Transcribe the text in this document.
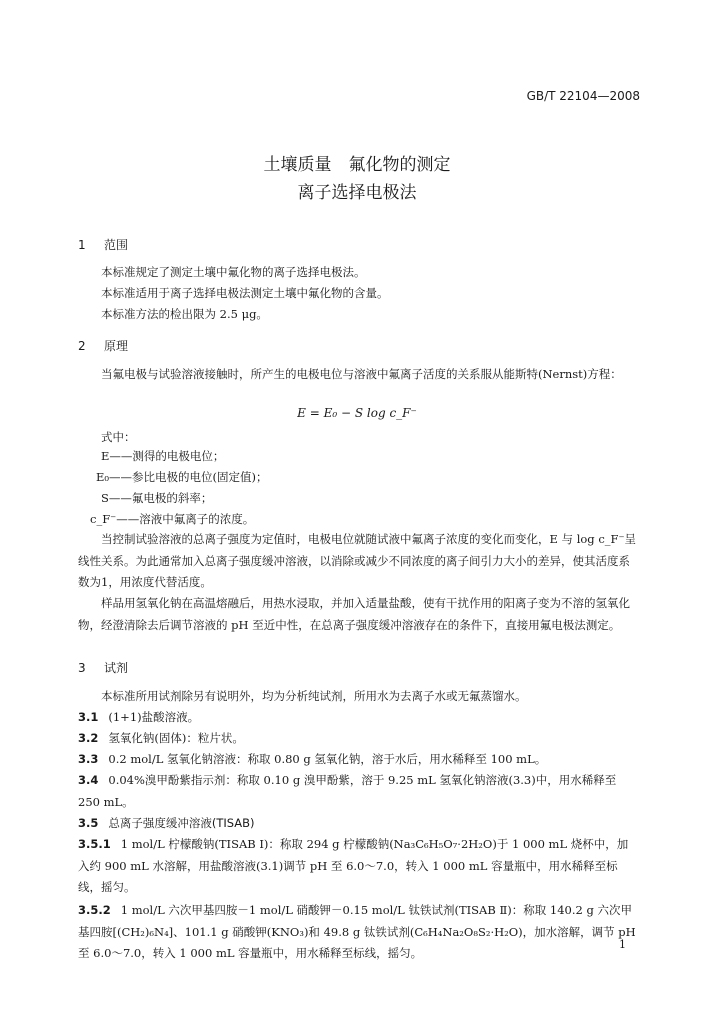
GB/T 22104—2008
土壤质量　氟化物的测定
离子选择电极法
1 范围
本标准规定了测定土壤中氟化物的离子选择电极法。
本标准适用于离子选择电极法测定土壤中氟化物的含量。
本标准方法的检出限为 2.5 μg。
2 原理
当氟电极与试验溶液接触时，所产生的电极电位与溶液中氟离子活度的关系服从能斯特(Nernst)方程：
E = E₀ − S log c_F⁻
式中：
E——测得的电极电位；
E₀——参比电极的电位(固定值)；
S——氟电极的斜率；
c_F⁻——溶液中氟离子的浓度。
当控制试验溶液的总离子强度为定值时，电极电位就随试液中氟离子浓度的变化而变化，E 与 log c_F⁻呈线性关系。为此通常加入总离子强度缓冲溶液，以消除或减少不同浓度的离子间引力大小的差异，使其活度系数为1，用浓度代替活度。
样品用氢氧化钠在高温熔融后，用热水浸取，并加入适量盐酸，使有干扰作用的阳离子变为不溶的氢氧化物，经澄清除去后调节溶液的 pH 至近中性，在总离子强度缓冲溶液存在的条件下，直接用氟电极法测定。
3 试剂
本标准所用试剂除另有说明外，均为分析纯试剂，所用水为去离子水或无氟蒸馏水。
3.1 (1+1)盐酸溶液。
3.2 氢氧化钠(固体)：粒片状。
3.3 0.2 mol/L 氢氧化钠溶液：称取 0.80 g 氢氧化钠，溶于水后，用水稀释至 100 mL。
3.4 0.04%溴甲酚紫指示剂：称取 0.10 g 溴甲酚紫，溶于 9.25 mL 氢氧化钠溶液(3.3)中，用水稀释至 250 mL。
3.5 总离子强度缓冲溶液(TISAB)
3.5.1 1 mol/L 柠檬酸钠(TISAB Ⅰ)：称取 294 g 柠檬酸钠(Na₃C₆H₅O₇·2H₂O)于 1 000 mL 烧杯中，加入约 900 mL 水溶解，用盐酸溶液(3.1)调节 pH 至 6.0～7.0，转入 1 000 mL 容量瓶中，用水稀释至标线，摇匀。
3.5.2 1 mol/L 六次甲基四胺－1 mol/L 硝酸钾－0.15 mol/L 钛铁试剂(TISAB Ⅱ)：称取 140.2 g 六次甲基四胺[(CH₂)₆N₄]、101.1 g 硝酸钾(KNO₃)和 49.8 g 钛铁试剂(C₆H₄Na₂O₈S₂·H₂O)，加水溶解，调节 pH 至 6.0～7.0，转入 1 000 mL 容量瓶中，用水稀释至标线，摇匀。
1
